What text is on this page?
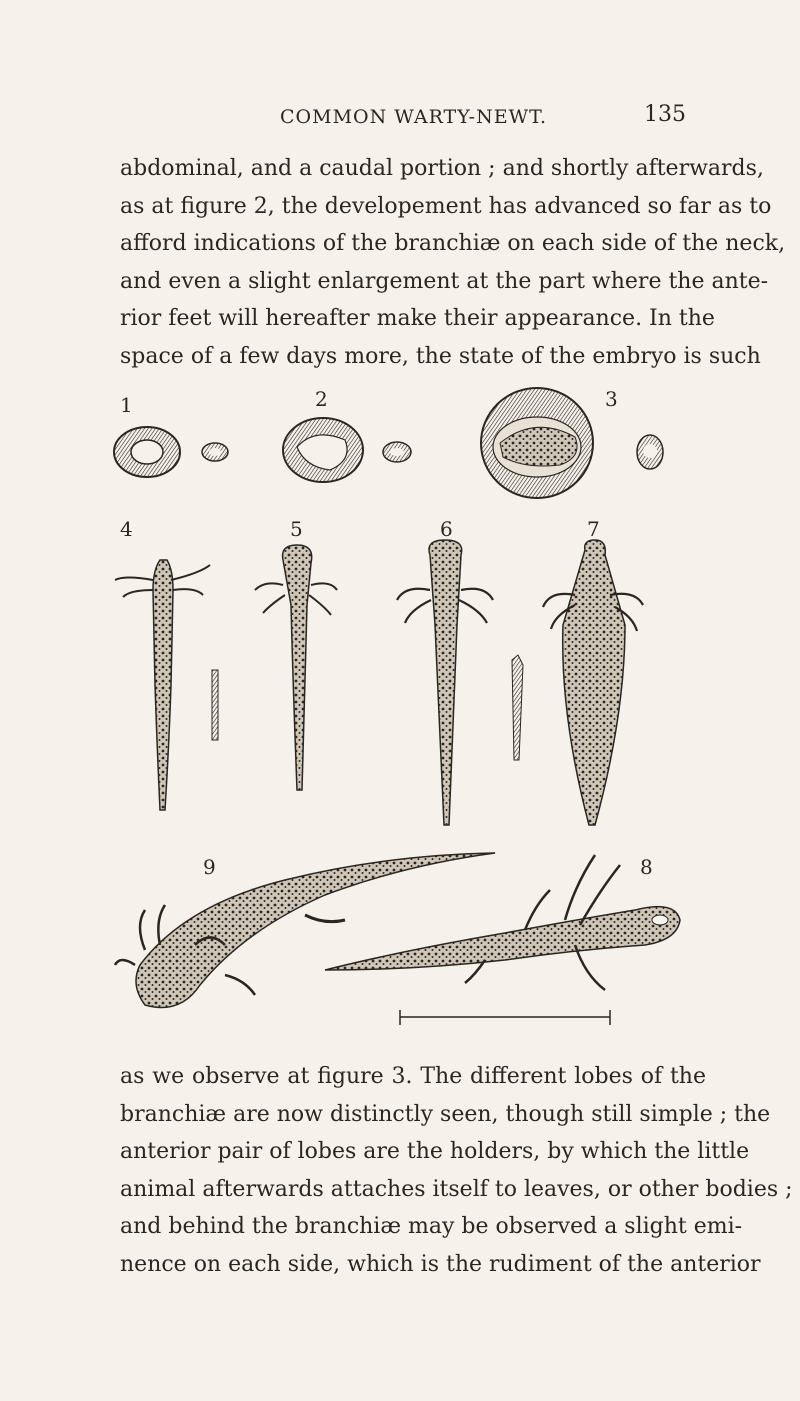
COMMON WARTY-NEWT.	135
abdominal, and a caudal portion ; and shortly afterwards,
as at figure 2, the developement has advanced so far as to
afford indications of the branchiæ on each side of the neck,
and even a slight enlargement at the part where the ante-
rior feet will hereafter make their appearance. In the
space of a few days more, the state of the embryo is such
1	2	3
4	5	6	7
9	8
as we observe at figure 3. The different lobes of the
branchiæ are now distinctly seen, though still simple ; the
anterior pair of lobes are the holders, by which the little
animal afterwards attaches itself to leaves, or other bodies ;
and behind the branchiæ may be observed a slight emi-
nence on each side, which is the rudiment of the anterior
